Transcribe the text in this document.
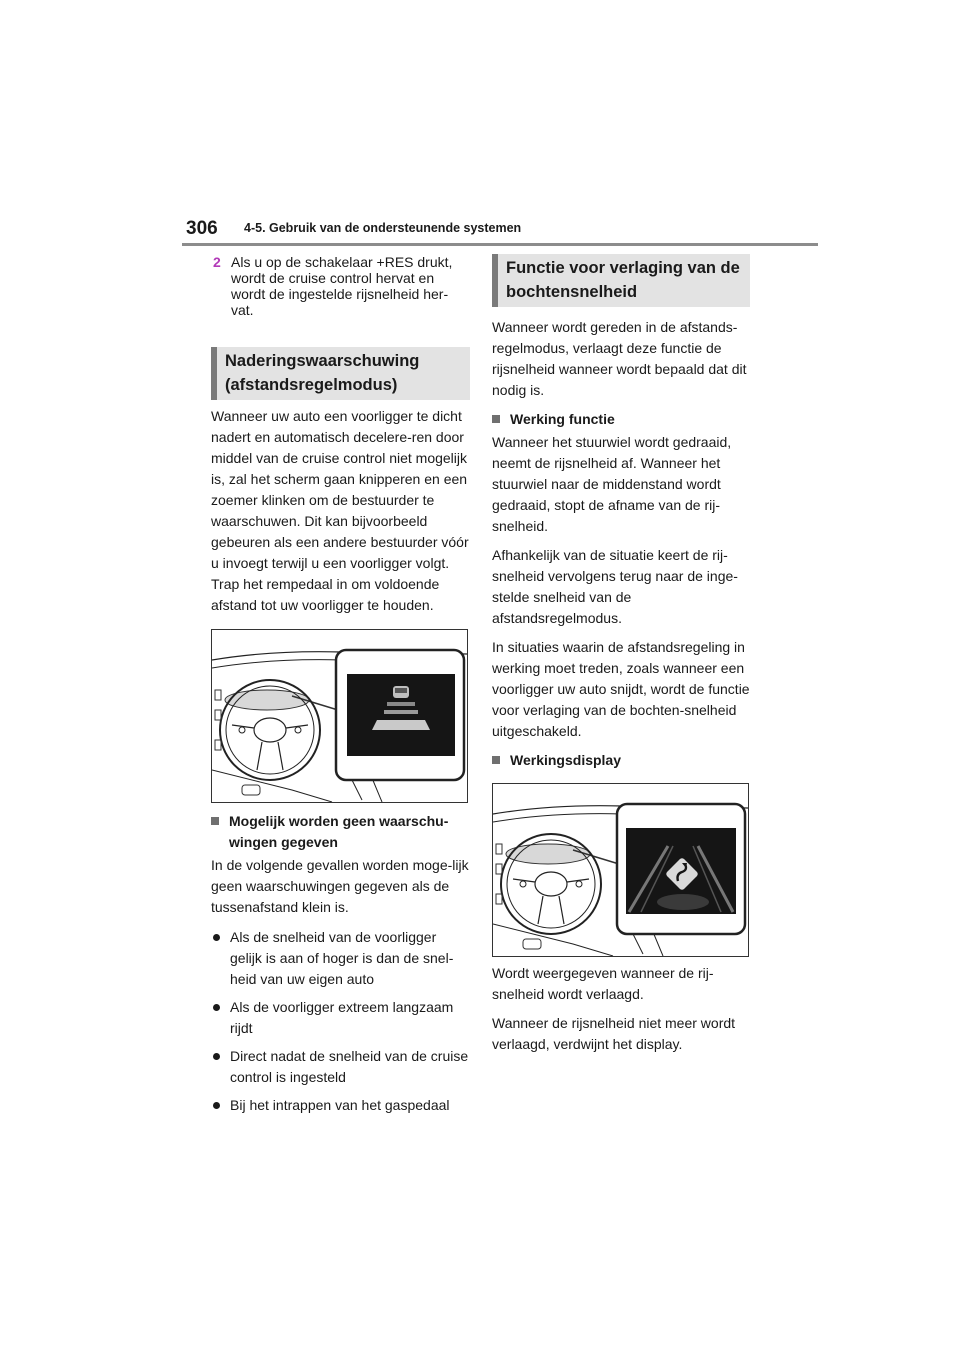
306 4-5. Gebruik van de ondersteunende systemen
2 Als u op de schakelaar +RES drukt, wordt de cruise control hervat en wordt de ingestelde rijsnelheid her-vat.
Naderingswaarschuwing (afstandsregelmodus)

Wanneer uw auto een voorligger te dicht nadert en automatisch decelere-ren door middel van de cruise control niet mogelijk is, zal het scherm gaan knipperen en een zoemer klinken om de bestuurder te waarschuwen. Dit kan bijvoorbeeld gebeuren als een andere bestuurder vóór u invoegt terwijl u een voorligger volgt. Trap het rempedaal in om voldoende afstand tot uw voorligger te houden.

Mogelijk worden geen waarschu-wingen gegeven

In de volgende gevallen worden moge-lijk geen waarschuwingen gegeven als de tussenafstand klein is.

Als de snelheid van de voorligger gelijk is aan of hoger is dan de snel-heid van uw eigen auto
Als de voorligger extreem langzaam rijdt
Direct nadat de snelheid van de cruise control is ingesteld
Bij het intrappen van het gaspedaal
Functie voor verlaging van de bochtensnelheid

Wanneer wordt gereden in de afstands-regelmodus, verlaagt deze functie de rijsnelheid wanneer wordt bepaald dat dit nodig is.

Werking functie

Wanneer het stuurwiel wordt gedraaid, neemt de rijsnelheid af. Wanneer het stuurwiel naar de middenstand wordt gedraaid, stopt de afname van de rij-snelheid.

Afhankelijk van de situatie keert de rij-snelheid vervolgens terug naar de inge-stelde snelheid van de afstandsregelmodus.

In situaties waarin de afstandsregeling in werking moet treden, zoals wanneer een voorligger uw auto snijdt, wordt de functie voor verlaging van de bochten-snelheid uitgeschakeld.

Werkingsdisplay

Wordt weergegeven wanneer de rij-snelheid wordt verlaagd.

Wanneer de rijsnelheid niet meer wordt verlaagd, verdwijnt het display.
